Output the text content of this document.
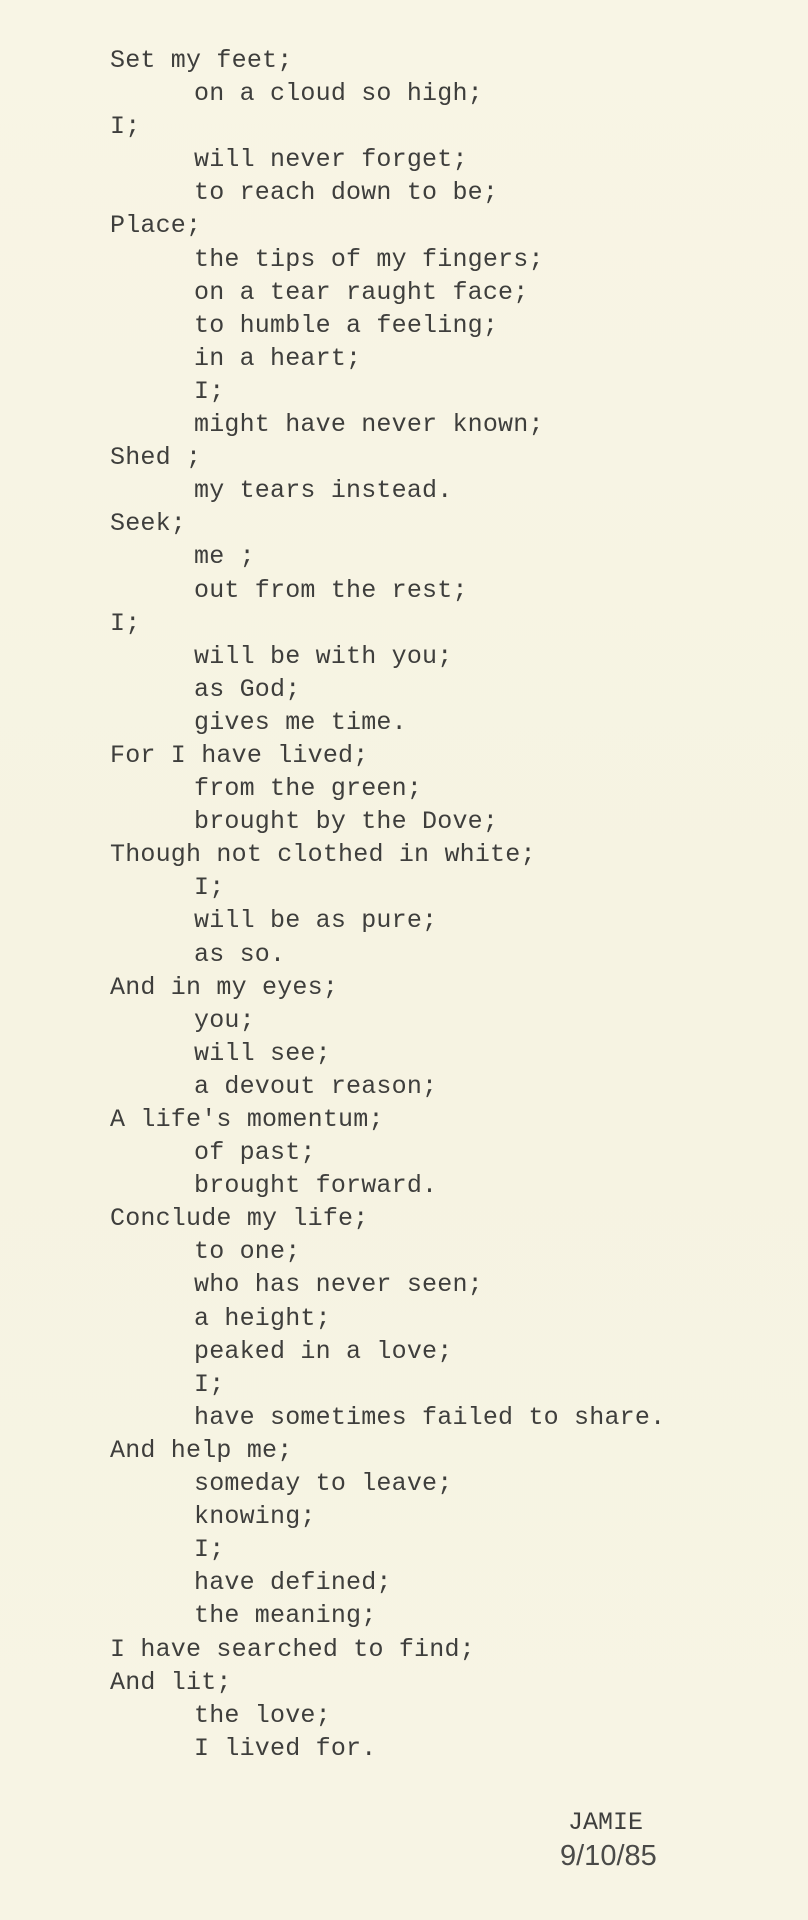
Set my feet;
on a cloud so high;
I;
will never forget;
to reach down to be;
Place;
the tips of my fingers;
on a tear raught face;
to humble a feeling;
in a heart;
I;
might have never known;
Shed ;
my tears instead.
Seek;
me ;
out from the rest;
I;
will be with you;
as God;
gives me time.
For I have lived;
from the green;
brought by the Dove;
Though not clothed in white;
I;
will be as pure;
as so.
And in my eyes;
you;
will see;
a devout reason;
A life's momentum;
of past;
brought forward.
Conclude my life;
to one;
who has never seen;
a height;
peaked in a love;
I;
have sometimes failed to share.
And help me;
someday to leave;
knowing;
I;
have defined;
the meaning;
I have searched to find;
And lit;
the love;
I lived for.
JAMIE
9/10/85
